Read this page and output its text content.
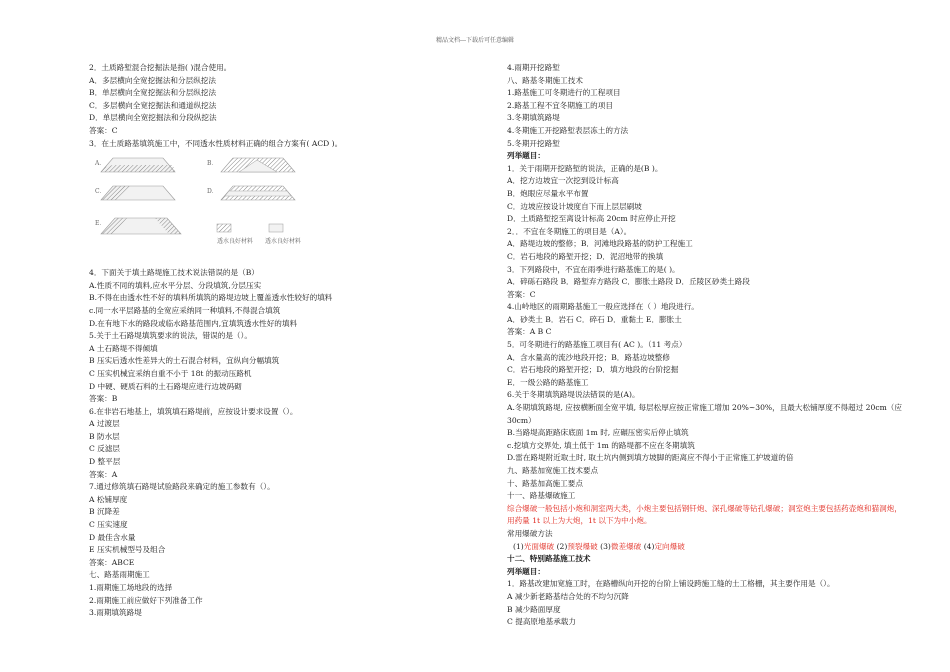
精品文档---下载后可任意编辑
2．土质路堑混合挖掘法是指( )混合使用。
A．多层横向全宽挖掘法和分层纵挖法
B．单层横向全宽挖掘法和分层纵挖法
C．多层横向全宽挖掘法和通道纵挖法
D．单层横向全宽挖掘法和分段纵挖法
答案：C
3．在土质路基填筑施工中，不同透水性质材料正确的组合方案有( ACD )。
A．	B．
C．	D．
E．
透水良好材料 透水良好材料
4．下面关于填土路堤施工技术说法错误的是（B）
A.性质不同的填料,应水平分层、分段填筑,分层压实
B.不得在由透水性不好的填料所填筑的路堤边坡上覆盖透水性较好的填料
c.同一水平层路基的全宽应采纳同一种填料,不得混合填筑
D.在有地下水的路段或临水路基范围内,宜填筑透水性好的填料
5.关于土石路堤填筑要求的说法，错误的是（）。
A 土石路堤不得倾填
B 压实后透水性差异大的土石混合材料，宜纵向分幅填筑
C 压实机械宜采纳自重不小于 18t 的振动压路机
D 中硬、硬质石料的土石路堤应进行边坡码砌
答案：B
6.在非岩石地基上，填筑填石路堤前，应按设计要求设置（）。
A 过渡层
B 防水层
C 反滤层
D 整平层
答案：A
7.通过修筑填石路堤试验路段来确定的施工参数有（）。
A 松铺厚度
B 沉降差
C 压实速度
D 最佳含水量
E 压实机械型号及组合
答案：ABCE
七、路基雨期施工
1.雨期施工场地段的选择
2.雨期施工前应做好下列准备工作
3.雨期填筑路堤
4.雨期开挖路堑
八、路基冬期施工技术
1.路基施工可冬期进行的工程项目
2.路基工程不宜冬期施工的项目
3.冬期填筑路堤
4.冬期施工开挖路堑表层冻土的方法
5.冬期开挖路堑
列举题目：
1．关于雨期开挖路堑的说法，正确的是(B )。
A．挖方边坡宜一次挖到设计标高
B．炮眼应尽量水平布置
C．边坡应按设计坡度自下而上层层刷坡
D．土质路堑挖至离设计标高 20cm 时应停止开挖
2．．不宜在冬期施工的项目是（A）。
A．路堤边坡的整修；B．河滩地段路基的防护工程施工
C．岩石地段的路堑开挖；D．泥沼地带的换填
3．下列路段中，不宜在雨季进行路基施工的是( )。
A．碎砾石路段 B．路堑弃方路段 C．膨胀土路段 D．丘陵区砂类土路段
答案：C
4.山岭地区的雨期路基施工一般应选择在（ ）地段进行。
A．砂类土 B．岩石 C．碎石 D．重黏土 E．膨胀土
答案：A B C
5．可冬期进行的路基施工项目有( AC )。（11 考点）
A．含水量高的流沙地段开挖；B．路基边坡整修
C．岩石地段的路堑开挖；D．填方地段的台阶挖掘
E．一级公路的路基施工
6.关于冬期填筑路堤说法错误的是(A)。
A.冬期填筑路堤, 应按横断面全宽平填, 每层松厚应按正常施工增加 20%~30%，且最大松铺厚度不得超过 20cm（应 30cm）
B.当路堤高距路床底面 1m 时, 应碾压密实后停止填筑
c.挖填方交界处, 填土低于 1m 的路堤都不应在冬期填筑
D.雷在路堤附近取土时, 取土坑内侧到填方坡脚的距离应不得小于正常施工护坡道的倍
九、路基加宽施工技术要点
十、路基加高施工要点
十一、路基爆破施工
综合爆破一般包括小炮和洞室两大类，小炮主要包括钢钎炮、深孔爆破等钻孔爆破；洞室炮主要包括药壶炮和猫洞炮，用药量 1t 以上为大炮，1t 以下为中小炮。
常用爆破方法
(1)光面爆破 (2)预裂爆破 (3)微差爆破 (4)定向爆破
十二、特别路基施工技术
列举题目：
1．路基改建加宽施工时，在路槽纵向开挖的台阶上铺设跨施工缝的土工格栅，其主要作用是（）。
A 减少新老路基结合处的不均匀沉降
B 减少路面厚度
C 提高原地基承载力
